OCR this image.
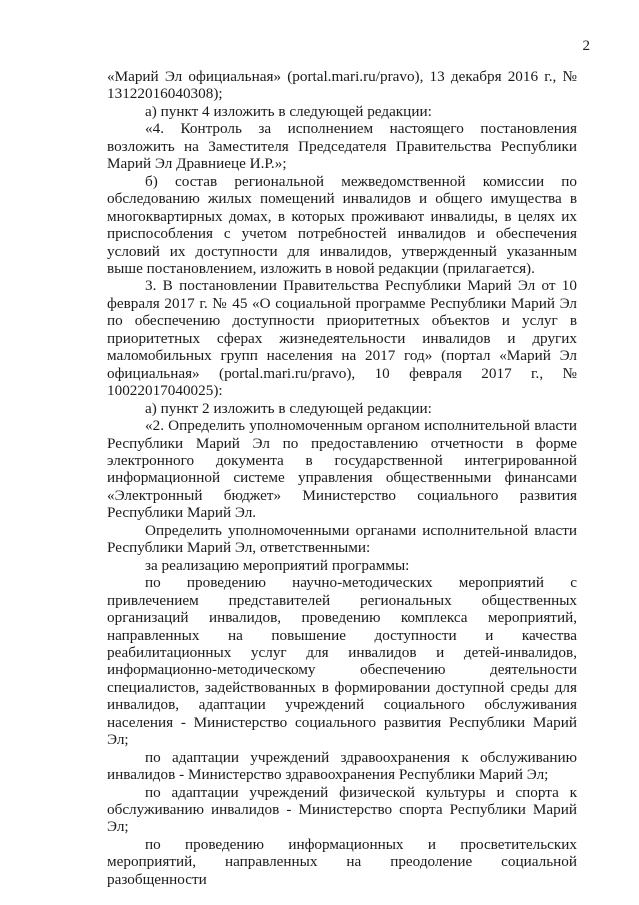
2

«Марий Эл официальная» (portal.mari.ru/pravo), 13 декабря 2016 г., № 13122016040308);

а) пункт 4 изложить в следующей редакции:

«4. Контроль за исполнением настоящего постановления возложить на Заместителя Председателя Правительства Республики Марий Эл Дравниеце И.Р.»;

б) состав региональной межведомственной комиссии по обследованию жилых помещений инвалидов и общего имущества в многоквартирных домах, в которых проживают инвалиды, в целях их приспособления с учетом потребностей инвалидов и обеспечения условий их доступности для инвалидов, утвержденный указанным выше постановлением, изложить в новой редакции (прилагается).

3. В постановлении Правительства Республики Марий Эл от 10 февраля 2017 г. № 45 «О социальной программе Республики Марий Эл по обеспечению доступности приоритетных объектов и услуг в приоритетных сферах жизнедеятельности инвалидов и других маломобильных групп населения на 2017 год» (портал «Марий Эл официальная» (portal.mari.ru/pravo), 10 февраля 2017 г., № 10022017040025):

а) пункт 2 изложить в следующей редакции:

«2. Определить уполномоченным органом исполнительной власти Республики Марий Эл по предоставлению отчетности в форме электронного документа в государственной интегрированной информационной системе управления общественными финансами «Электронный бюджет» Министерство социального развития Республики Марий Эл.

Определить уполномоченными органами исполнительной власти Республики Марий Эл, ответственными:

за реализацию мероприятий программы:

по проведению научно-методических мероприятий с привлечением представителей региональных общественных организаций инвалидов, проведению комплекса мероприятий, направленных на повышение доступности и качества реабилитационных услуг для инвалидов и детей-инвалидов, информационно-методическому обеспечению деятельности специалистов, задействованных в формировании доступной среды для инвалидов, адаптации учреждений социального обслуживания населения - Министерство социального развития Республики Марий Эл;

по адаптации учреждений здравоохранения к обслуживанию инвалидов - Министерство здравоохранения Республики Марий Эл;

по адаптации учреждений физической культуры и спорта к обслуживанию инвалидов - Министерство спорта Республики Марий Эл;

по проведению информационных и просветительских мероприятий, направленных на преодоление социальной разобщенности
